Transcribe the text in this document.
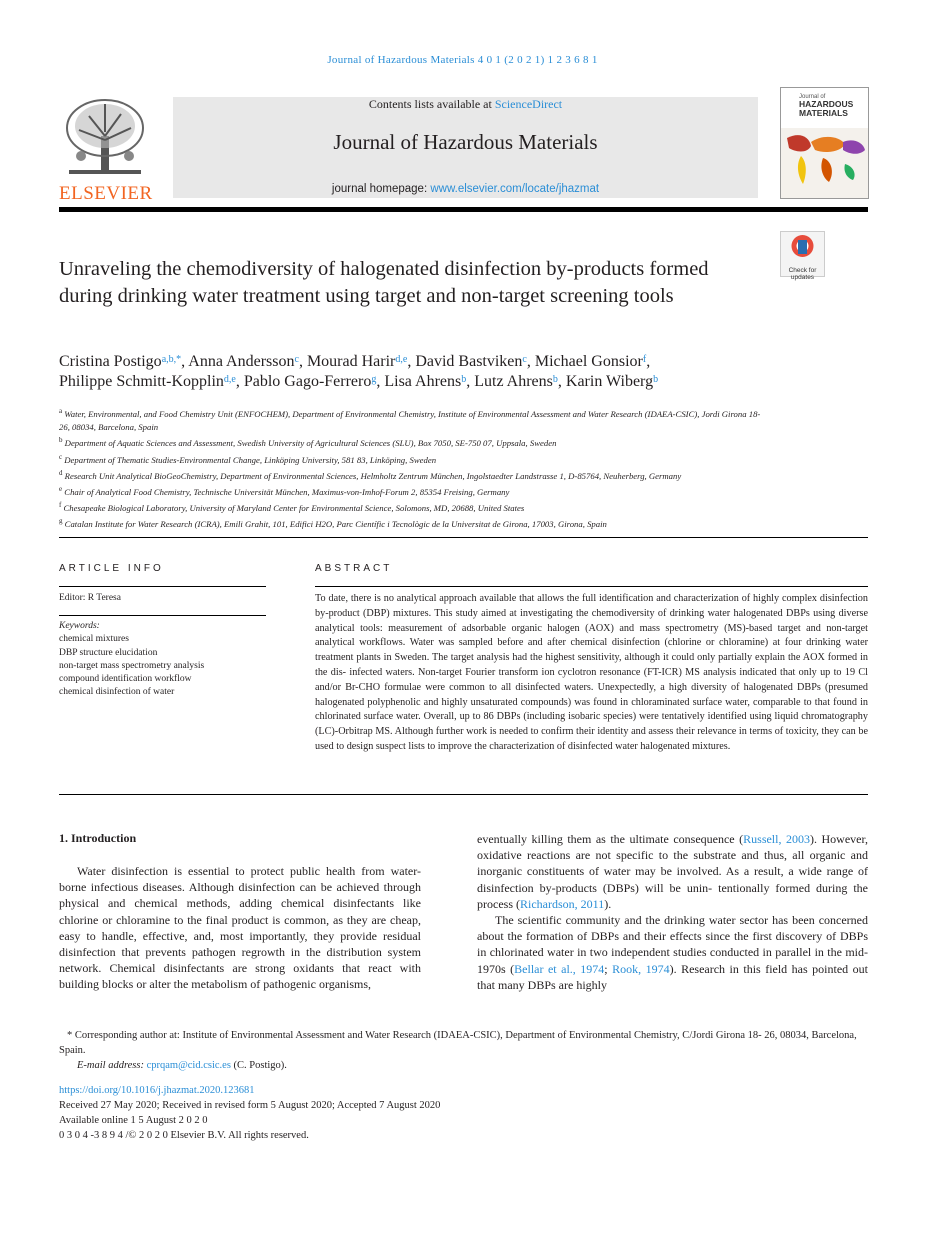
Journal of Hazardous Materials 4 0 1 (2 0 2 1) 1 2 3 6 8 1
ELSEVIER
Contents lists available at ScienceDirect
Journal of Hazardous Materials
journal homepage: www.elsevier.com/locate/jhazmat
Journal of
HAZARDOUS MATERIALS
Check for updates
Unraveling the chemodiversity of halogenated disinfection by-products formed during drinking water treatment using target and non-target screening tools
Cristina Postigo$^{a,b,*}$, Anna Andersson$^c$, Mourad Harir$^{d,e}$, David Bastviken$^c$, Michael Gonsior$^f$,
Philippe Schmitt-Kopplin$^{d,e}$, Pablo Gago-Ferrero$^g$, Lisa Ahrens$^b$, Lutz Ahrens$^b$, Karin Wiberg$^b$
$^a$ Water, Environmental, and Food Chemistry Unit (ENFOCHEM), Department of Environmental Chemistry, Institute of Environmental Assessment and Water Research (IDAEA-CSIC), Jordi Girona 18-26, 08034, Barcelona, Spain
$^b$ Department of Aquatic Sciences and Assessment, Swedish University of Agricultural Sciences (SLU), Box 7050, SE-750 07, Uppsala, Sweden
$^c$ Department of Thematic Studies-Environmental Change, Linköping University, 581 83, Linköping, Sweden
$^d$ Research Unit Analytical BioGeoChemistry, Department of Environmental Sciences, Helmholtz Zentrum München, Ingolstaedter Landstrasse 1, D-85764, Neuherberg, Germany
$^e$ Chair of Analytical Food Chemistry, Technische Universität München, Maximus-von-Imhof-Forum 2, 85354 Freising, Germany
$^f$ Chesapeake Biological Laboratory, University of Maryland Center for Environmental Science, Solomons, MD, 20688, United States
$^g$ Catalan Institute for Water Research (ICRA), Emili Grahit, 101, Edifici H2O, Parc Científic i Tecnològic de la Universitat de Girona, 17003, Girona, Spain
ARTICLE INFO
Editor: R Teresa
Keywords:
chemical mixtures
DBP structure elucidation
non-target mass spectrometry analysis
compound identification workflow
chemical disinfection of water
ABSTRACT
To date, there is no analytical approach available that allows the full identification and characterization of highly complex disinfection by-product (DBP) mixtures. This study aimed at investigating the chemodiversity of drinking water halogenated DBPs using diverse analytical tools: measurement of adsorbable organic halogen (AOX) and mass spectrometry (MS)-based target and non-target analytical workflows. Water was sampled before and after chemical disinfection (chlorine or chloramine) at four drinking water treatment plants in Sweden. The target analysis had the highest sensitivity, although it could only partially explain the AOX formed in the dis- infected waters. Non-target Fourier transform ion cyclotron resonance (FT-ICR) MS analysis indicated that only up to 19 Cl and/or Br-CHO formulae were common to all disinfected waters. Unexpectedly, a high diversity of halogenated DBPs (presumed halogenated polyphenolic and highly unsaturated compounds) was found in chloraminated surface water, comparable to that found in chlorinated surface water. Overall, up to 86 DBPs (including isobaric species) were tentatively identified using liquid chromatography (LC)-Orbitrap MS. Although further work is needed to confirm their identity and assess their relevance in terms of toxicity, they can be used to design suspect lists to improve the characterization of disinfected water halogenated mixtures.
1. Introduction

Water disinfection is essential to protect public health from water- borne infectious diseases. Although disinfection can be achieved through physical and chemical methods, adding chemical disinfectants like chlorine or chloramine to the final product is common, as they are cheap, easy to handle, effective, and, most importantly, they provide residual disinfection that prevents pathogen regrowth in the distribution system network. Chemical disinfectants are strong oxidants that react with building blocks or alter the metabolism of pathogenic organisms,

eventually killing them as the ultimate consequence (Russell, 2003). However, oxidative reactions are not specific to the substrate and thus, all organic and inorganic constituents of water may be involved. As a result, a wide range of disinfection by-products (DBPs) will be unin- tentionally formed during the process (Richardson, 2011).

The scientific community and the drinking water sector has been concerned about the formation of DBPs and their effects since the first discovery of DBPs in chlorinated water in two independent studies conducted in parallel in the mid-1970s (Bellar et al., 1974; Rook, 1974). Research in this field has pointed out that many DBPs are highly

* Corresponding author at: Institute of Environmental Assessment and Water Research (IDAEA-CSIC), Department of Environmental Chemistry, C/Jordi Girona 18- 26, 08034, Barcelona, Spain.
E-mail address: cprqam@cid.csic.es (C. Postigo).
https://doi.org/10.1016/j.jhazmat.2020.123681
Received 27 May 2020; Received in revised form 5 August 2020; Accepted 7 August 2020
Available online 1 5 August 2 0 2 0
0 3 0 4 -3 8 9 4 /© 2 0 2 0 Elsevier B.V. All rights reserved.
